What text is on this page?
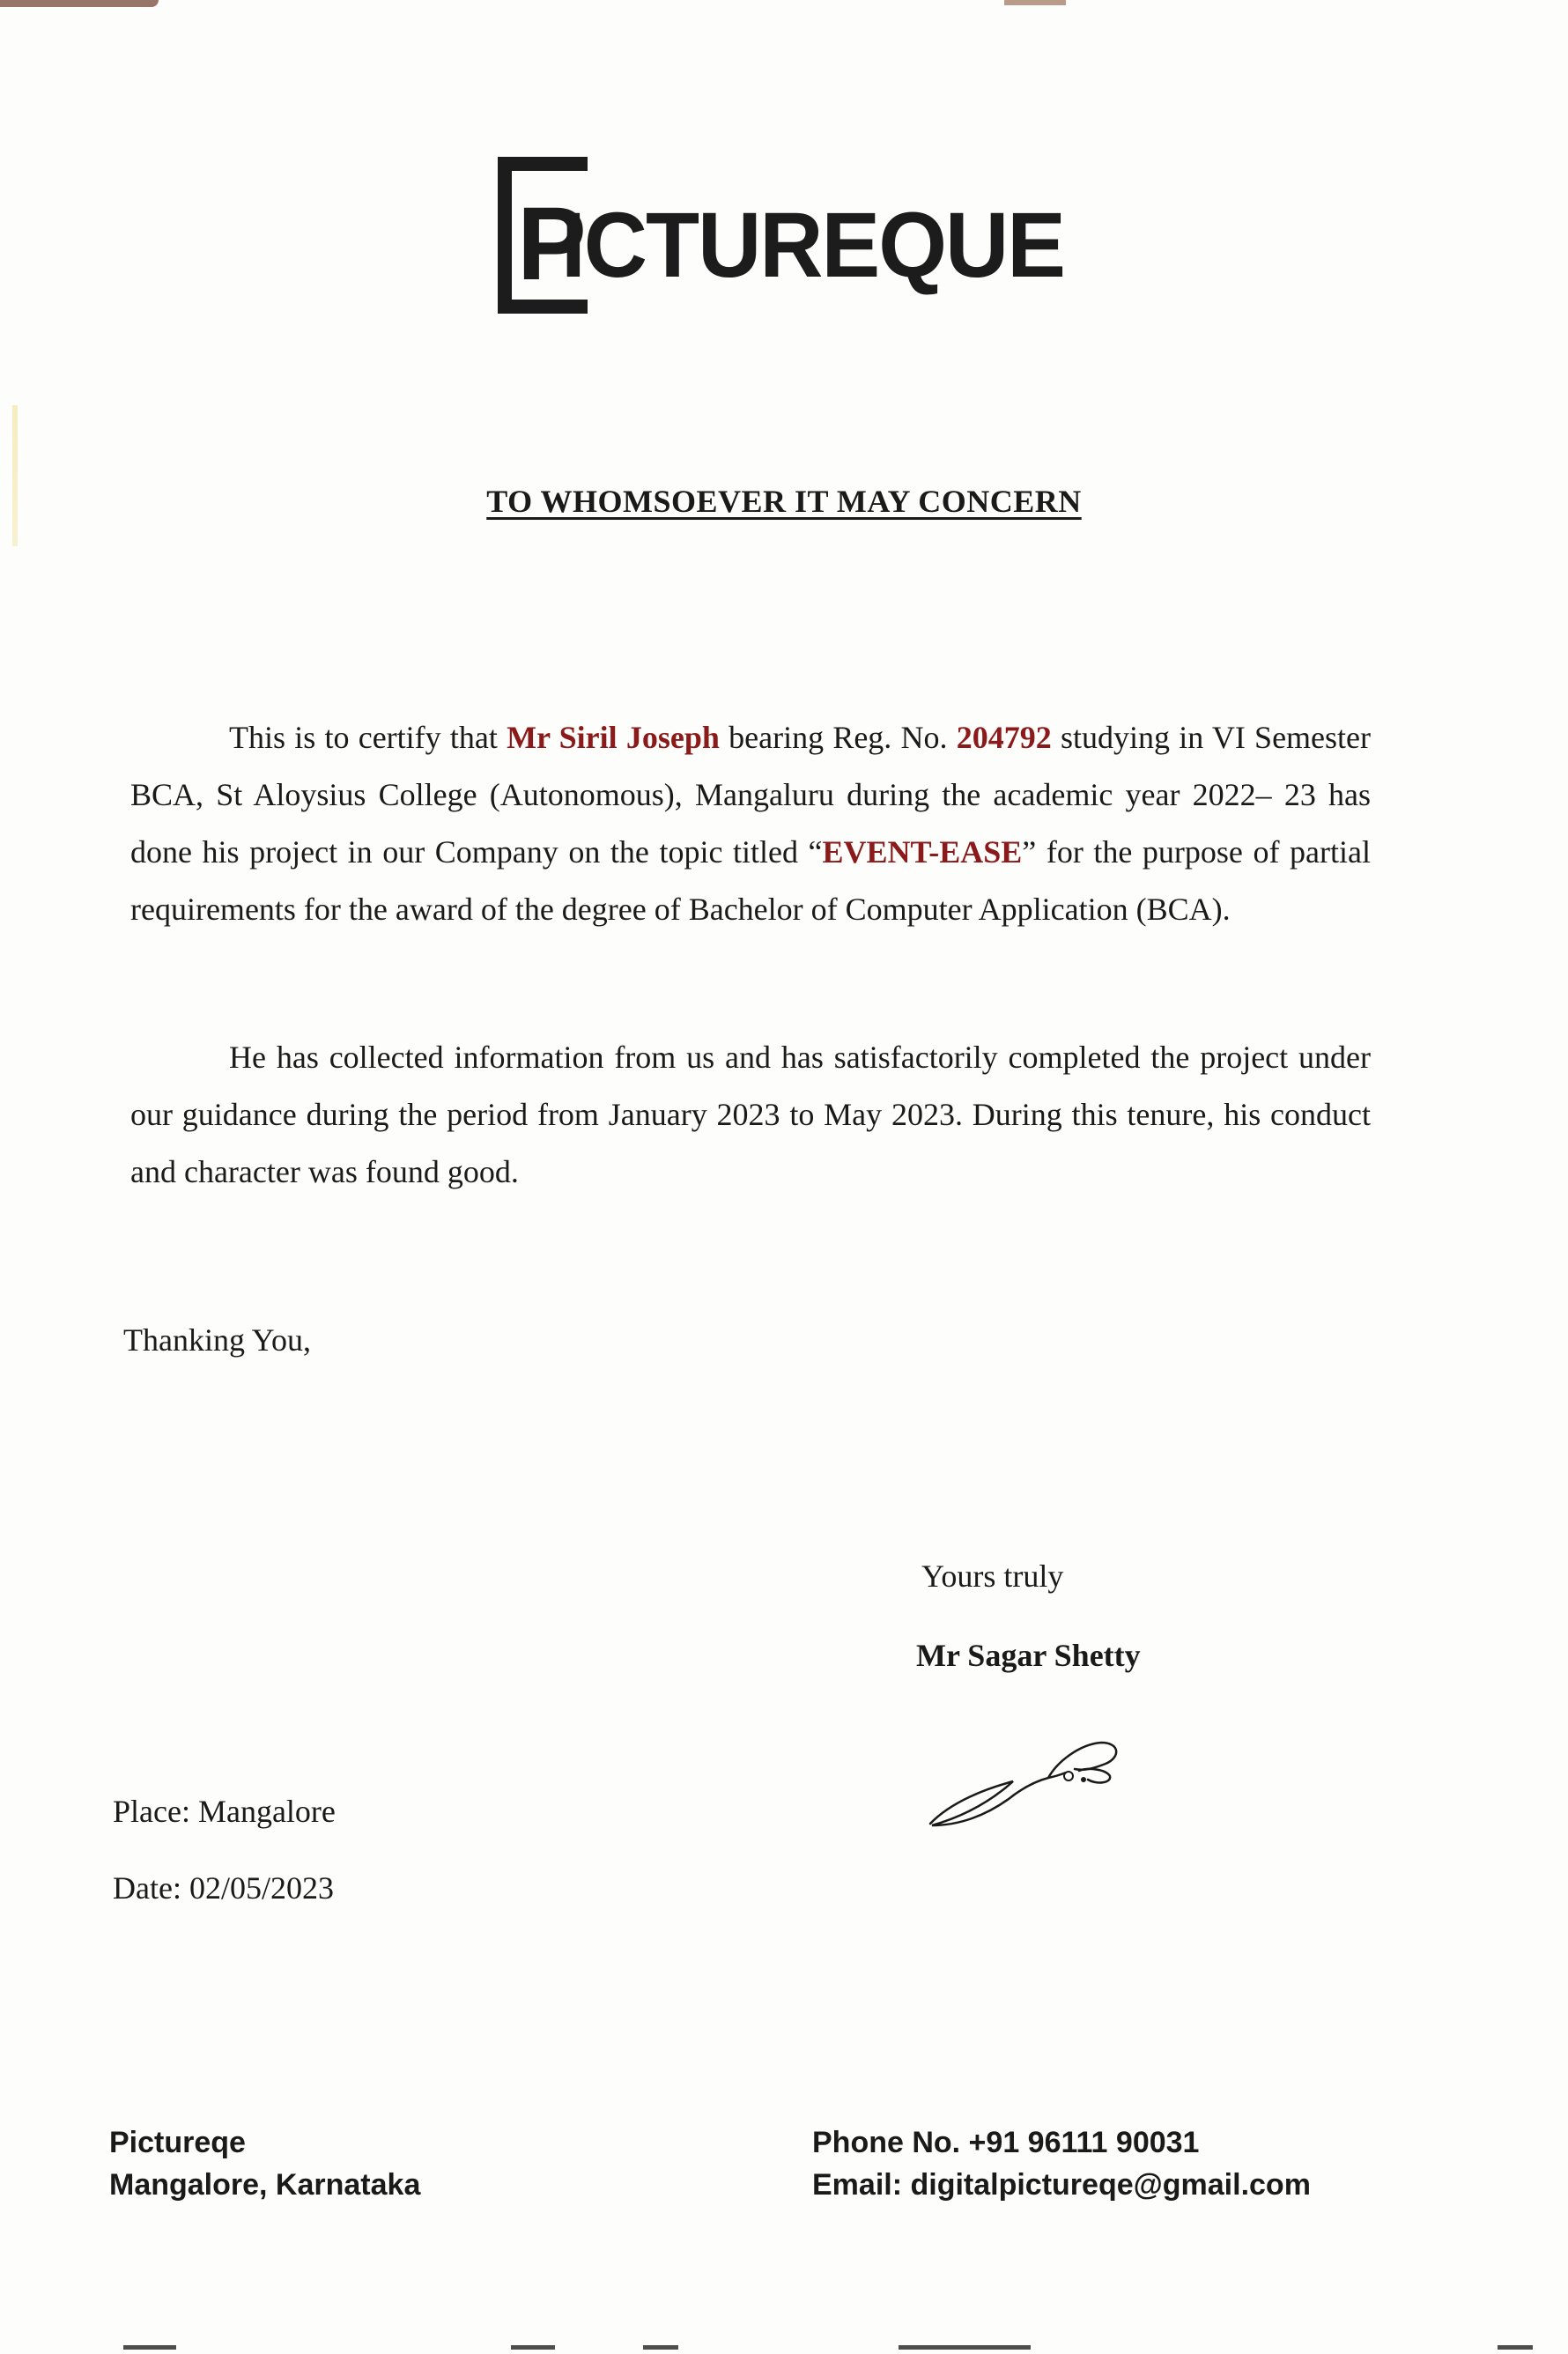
P
ICTUREQUE
TO WHOMSOEVER IT MAY CONCERN
This is to certify that Mr Siril Joseph bearing Reg. No. 204792 studying in VI Semester BCA, St Aloysius College (Autonomous), Mangaluru during the academic year 2022– 23 has done his project in our Company on the topic titled “EVENT-EASE” for the purpose of partial requirements for the award of the degree of Bachelor of Computer Application (BCA).
He has collected information from us and has satisfactorily completed the project under our guidance during the period from January 2023 to May 2023. During this tenure, his conduct and character was found good.
Thanking You,
Yours truly
Mr Sagar Shetty
Place: Mangalore
Date: 02/05/2023
Pictureqe
Mangalore, Karnataka
Phone No. +91 96111 90031
Email: digitalpictureqe@gmail.com
